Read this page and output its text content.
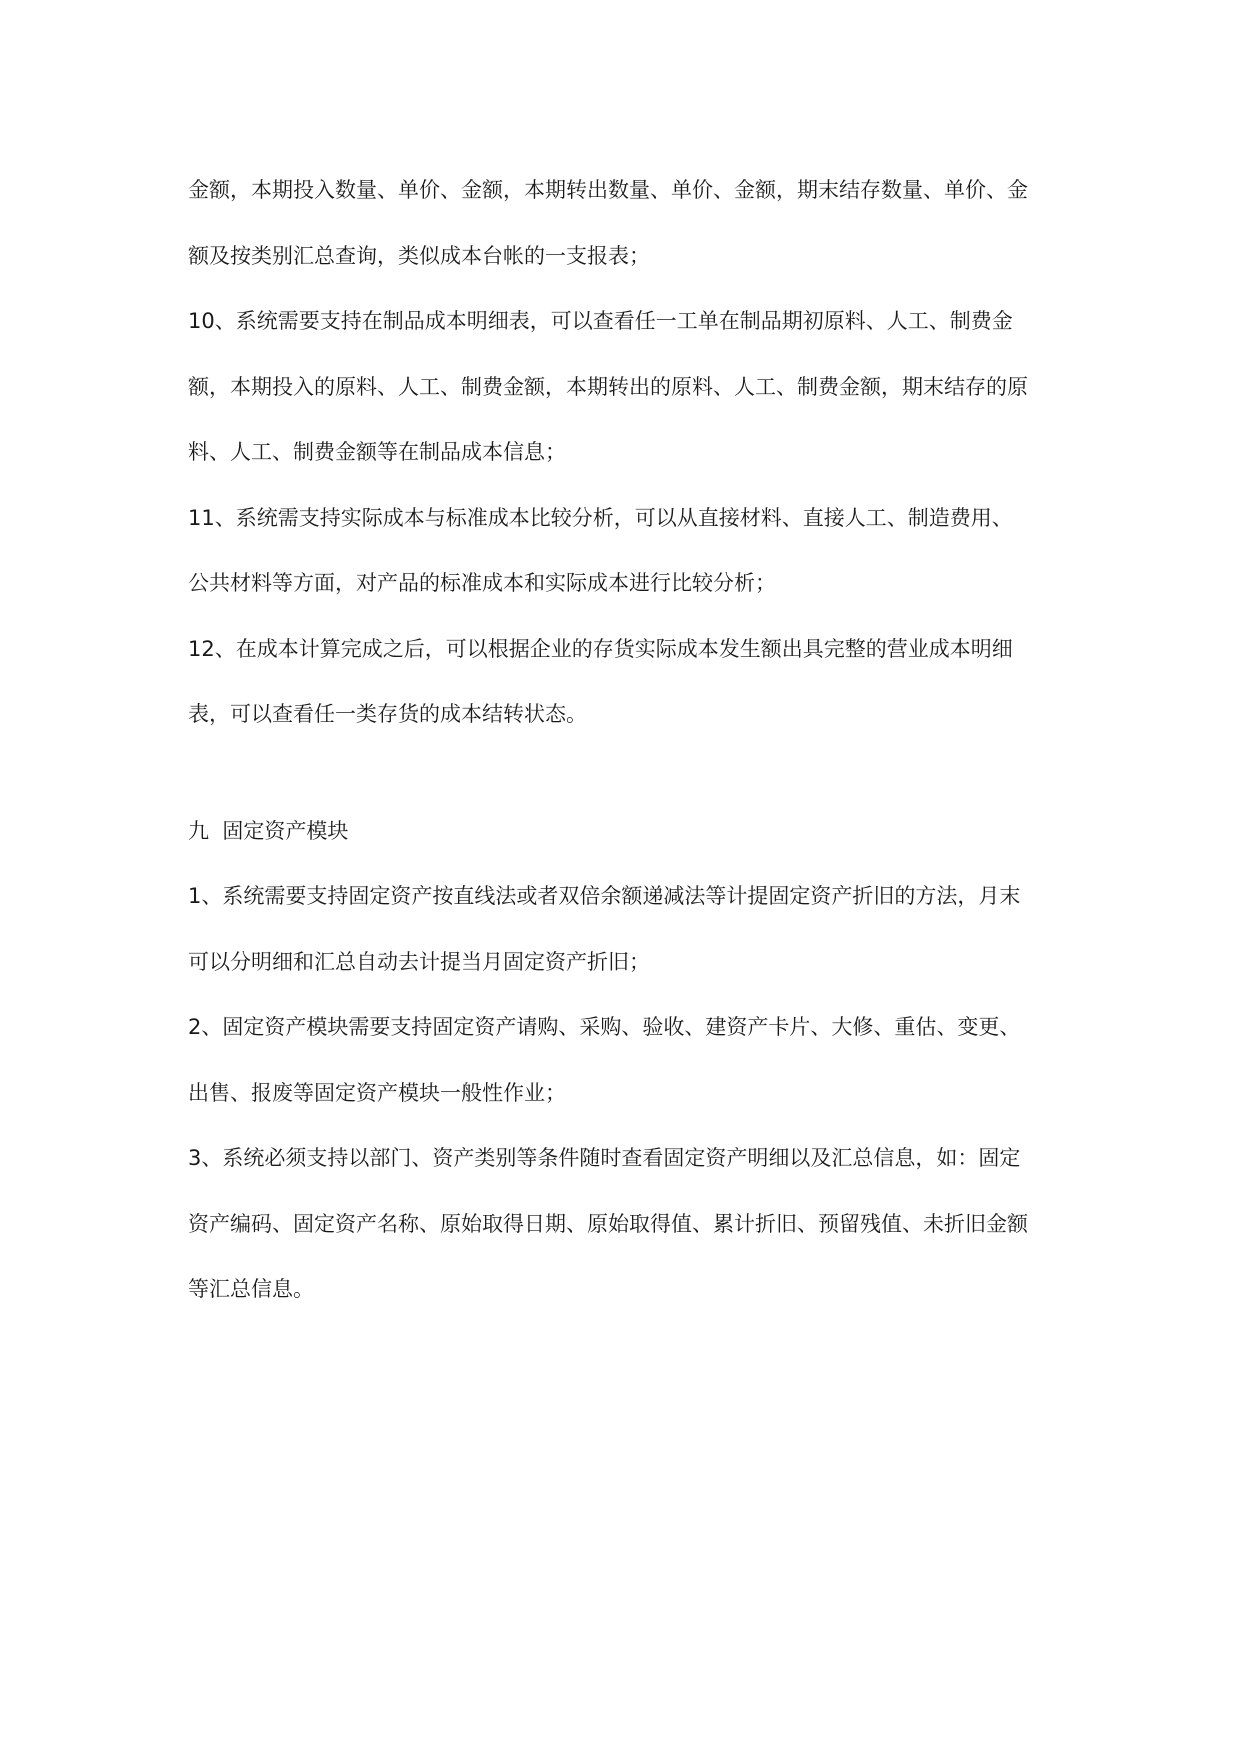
金额，本期投入数量、单价、金额，本期转出数量、单价、金额，期末结存数量、单价、金

额及按类别汇总查询，类似成本台帐的一支报表；

10、系统需要支持在制品成本明细表，可以查看任一工单在制品期初原料、人工、制费金

额，本期投入的原料、人工、制费金额，本期转出的原料、人工、制费金额，期末结存的原

料、人工、制费金额等在制品成本信息；

11、系统需支持实际成本与标准成本比较分析，可以从直接材料、直接人工、制造费用、

公共材料等方面，对产品的标准成本和实际成本进行比较分析；

12、在成本计算完成之后，可以根据企业的存货实际成本发生额出具完整的营业成本明细

表，可以查看任一类存货的成本结转状态。

九  固定资产模块

1、系统需要支持固定资产按直线法或者双倍余额递减法等计提固定资产折旧的方法，月末

可以分明细和汇总自动去计提当月固定资产折旧；

2、固定资产模块需要支持固定资产请购、采购、验收、建资产卡片、大修、重估、变更、

出售、报废等固定资产模块一般性作业；

3、系统必须支持以部门、资产类别等条件随时查看固定资产明细以及汇总信息，如：固定

资产编码、固定资产名称、原始取得日期、原始取得值、累计折旧、预留残值、未折旧金额

等汇总信息。
